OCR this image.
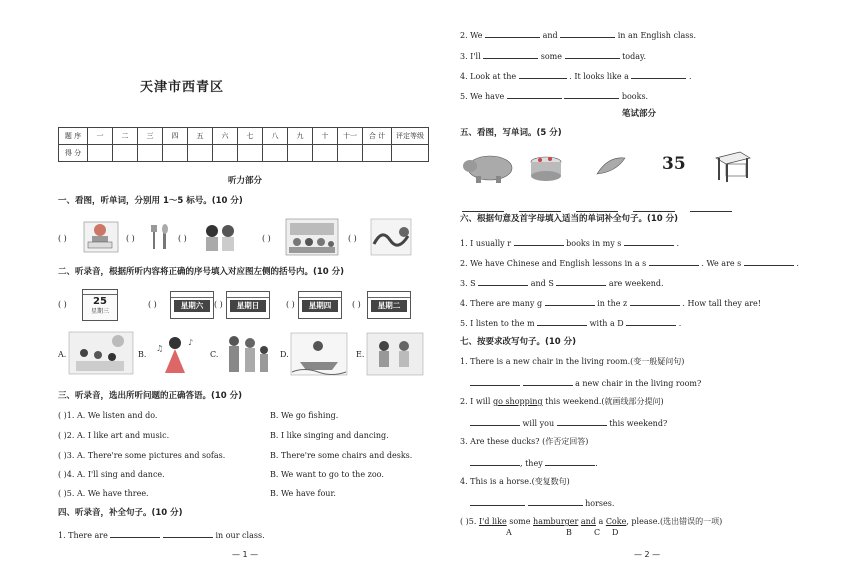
天津市西青区
题 序	一	二	三	四	五	六	七	八	九	十	十一	合 计	评定等级
得 分													
听力部分
一、看图，听单词，分别用 1～5 标号。(10 分)
( )	( )	( )	( )	( )
二、听录音，根据所听内容将正确的序号填入对应图左侧的括号内。(10 分)
( )	25
星期三
( )	星期六	( )	星期日	( )	星期四	( )	星期二
A.	B.
♪
♫
C.	D.	E.
三、听录音，选出所听问题的正确答语。(10 分)
( )1. A. We listen and do.	B. We go fishing.
( )2. A. I like art and music.	B. I like singing and dancing.
( )3. A. There're some pictures and sofas.	B. There're some chairs and desks.
( )4. A. I'll sing and dance.	B. We want to go to the zoo.
( )5. A. We have three.	B. We have four.
四、听录音，补全句子。(10 分)
1. There are	in our class.
— 1 —
2. We	and	in an English class.
3. I'll	some	today.
4. Look at the	. It looks like a	.
5. We have	books.
笔试部分
五、看图，写单词。(5 分)
35

六、根据句意及首字母填入适当的单词补全句子。(10 分)
1. I usually r	books in my s	.
2. We have Chinese and English lessons in a s	. We are s	.
3. S	and S	are weekend.
4. There are many g	in the z	. How tall they are!
5. I listen to the m	with a D	.
七、按要求改写句子。(10 分)
1. There is a new chair in the living room.(变一般疑问句)
a new chair in the living room?
2. I will go shopping this weekend.(就画线部分提问)
will you	this weekend?
3. Are these ducks? (作否定回答)
, they	.
4. This is a horse.(变复数句)
horses.
( )5. I'd like some hamburger and a Coke, please.(选出错误的一项)
A	B	C D
— 2 —
